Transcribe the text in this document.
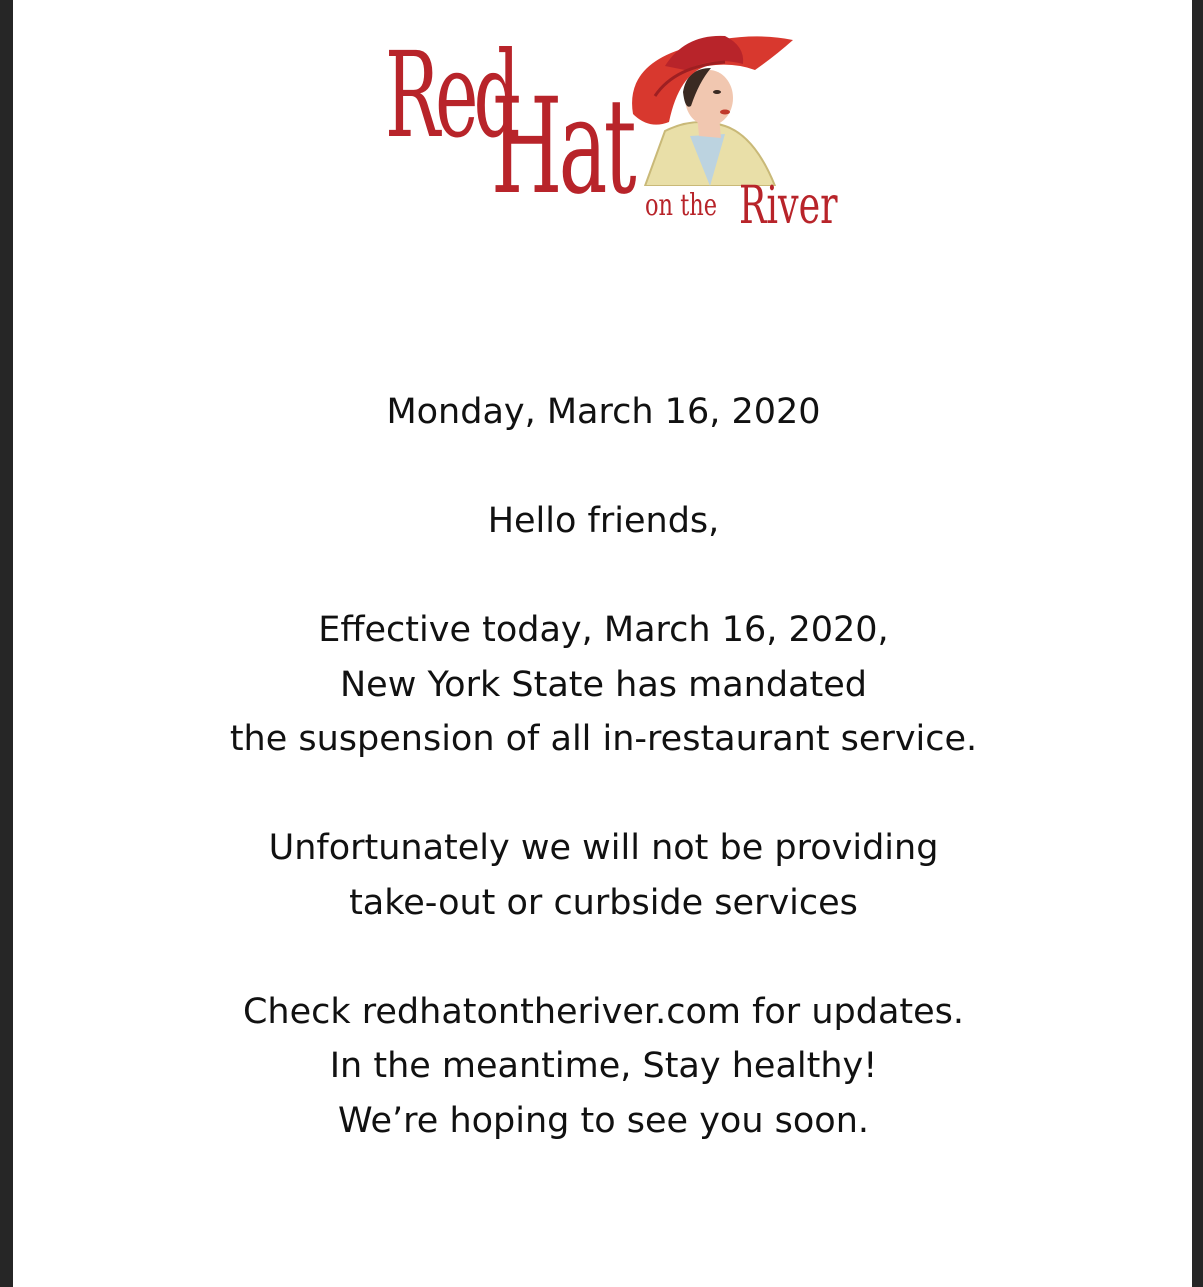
Red
Hat on the River

Monday, March 16, 2020

Hello friends,

Effective today, March 16, 2020,

New York State has mandated

the suspension of all in-restaurant service.

Unfortunately we will not be providing

take-out or curbside services

Check redhatontheriver.com for updates.

In the meantime, Stay healthy!

We’re hoping to see you soon.
